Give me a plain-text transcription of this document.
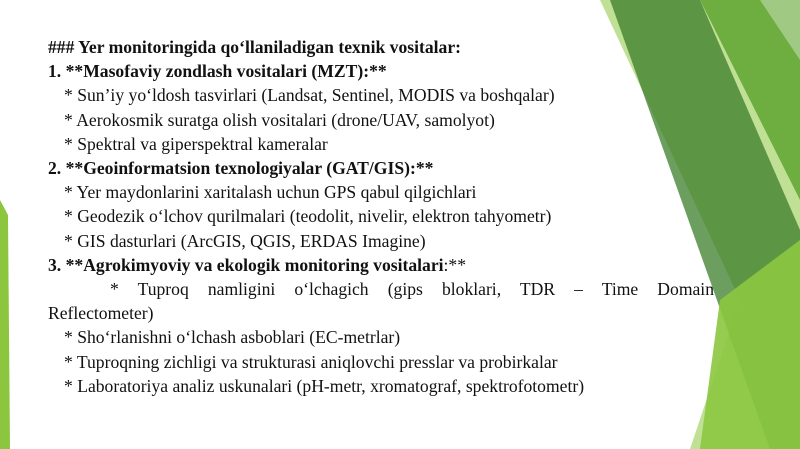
### Yer monitoringida qo‘llaniladigan texnik vositalar:
1. **Masofaviy zondlash vositalari (MZT):**
* Sun’iy yo‘ldosh tasvirlari (Landsat, Sentinel, MODIS va boshqalar)
* Aerokosmik suratga olish vositalari (drone/UAV, samolyot)
* Spektral va giperspektral kameralar
2. **Geoinformatsion texnologiyalar (GAT/GIS):**
* Yer maydonlarini xaritalash uchun GPS qabul qilgichlari
* Geodezik o‘lchov qurilmalari (teodolit, nivelir, elektron tahyometr)
* GIS dasturlari (ArcGIS, QGIS, ERDAS Imagine)
3. **Agrokimyoviy va ekologik monitoring vositalari:**
* Tuproq namligini o‘lchagich (gips bloklari, TDR – Time Domain
Reflectometer)
* Sho‘rlanishni o‘lchash asboblari (EC-metrlar)
* Tuproqning zichligi va strukturasi aniqlovchi presslar va probirkalar
* Laboratoriya analiz uskunalari (pH-metr, xromatograf, spektrofotometr)
